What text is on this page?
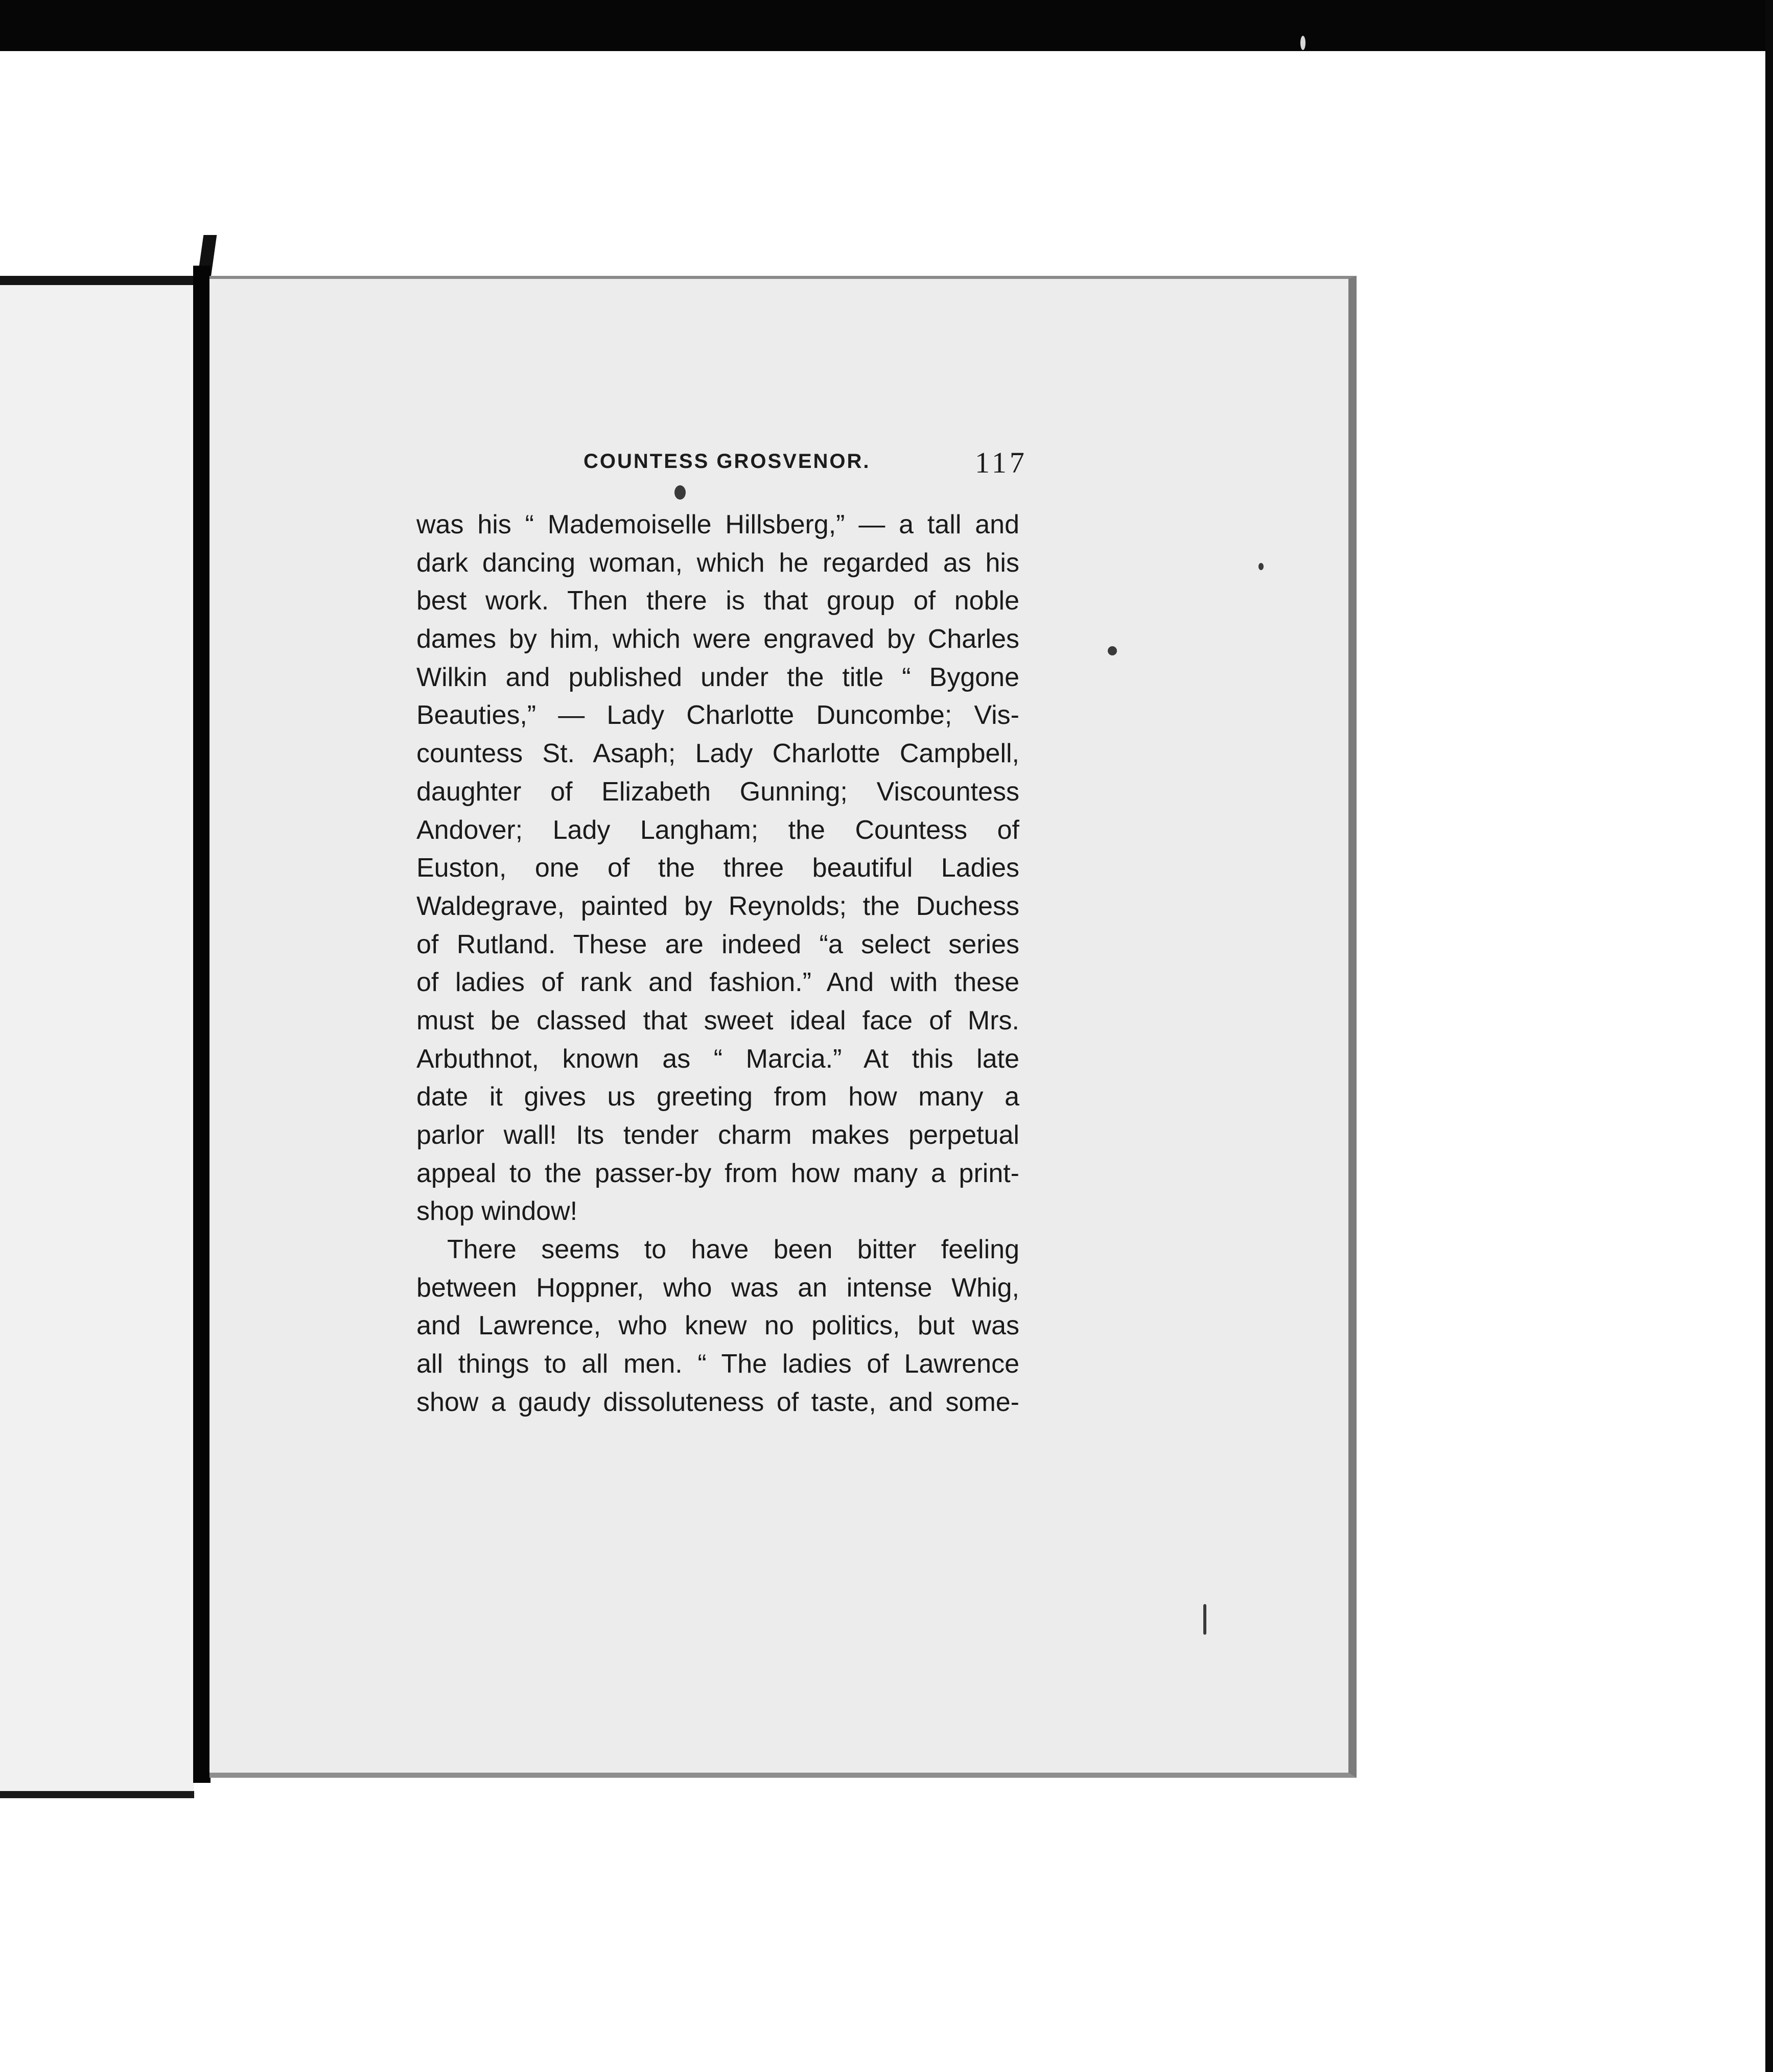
COUNTESS GROSVENOR.	117
was his “ Mademoiselle Hillsberg,” — a tall and
dark dancing woman, which he regarded as his
best work. Then there is that group of noble
dames by him, which were engraved by Charles
Wilkin and published under the title “ Bygone
Beauties,” — Lady Charlotte Duncombe; Vis-
countess St. Asaph; Lady Charlotte Campbell,
daughter of Elizabeth Gunning; Viscountess
Andover; Lady Langham; the Countess of
Euston, one of the three beautiful Ladies
Waldegrave, painted by Reynolds; the Duchess
of Rutland. These are indeed “a select series
of ladies of rank and fashion.” And with these
must be classed that sweet ideal face of Mrs.
Arbuthnot, known as “ Marcia.” At this late
date it gives us greeting from how many a
parlor wall! Its tender charm makes perpetual
appeal to the passer-by from how many a print-
shop window!
There seems to have been bitter feeling
between Hoppner, who was an intense Whig,
and Lawrence, who knew no politics, but was
all things to all men. “ The ladies of Lawrence
show a gaudy dissoluteness of taste, and some-
